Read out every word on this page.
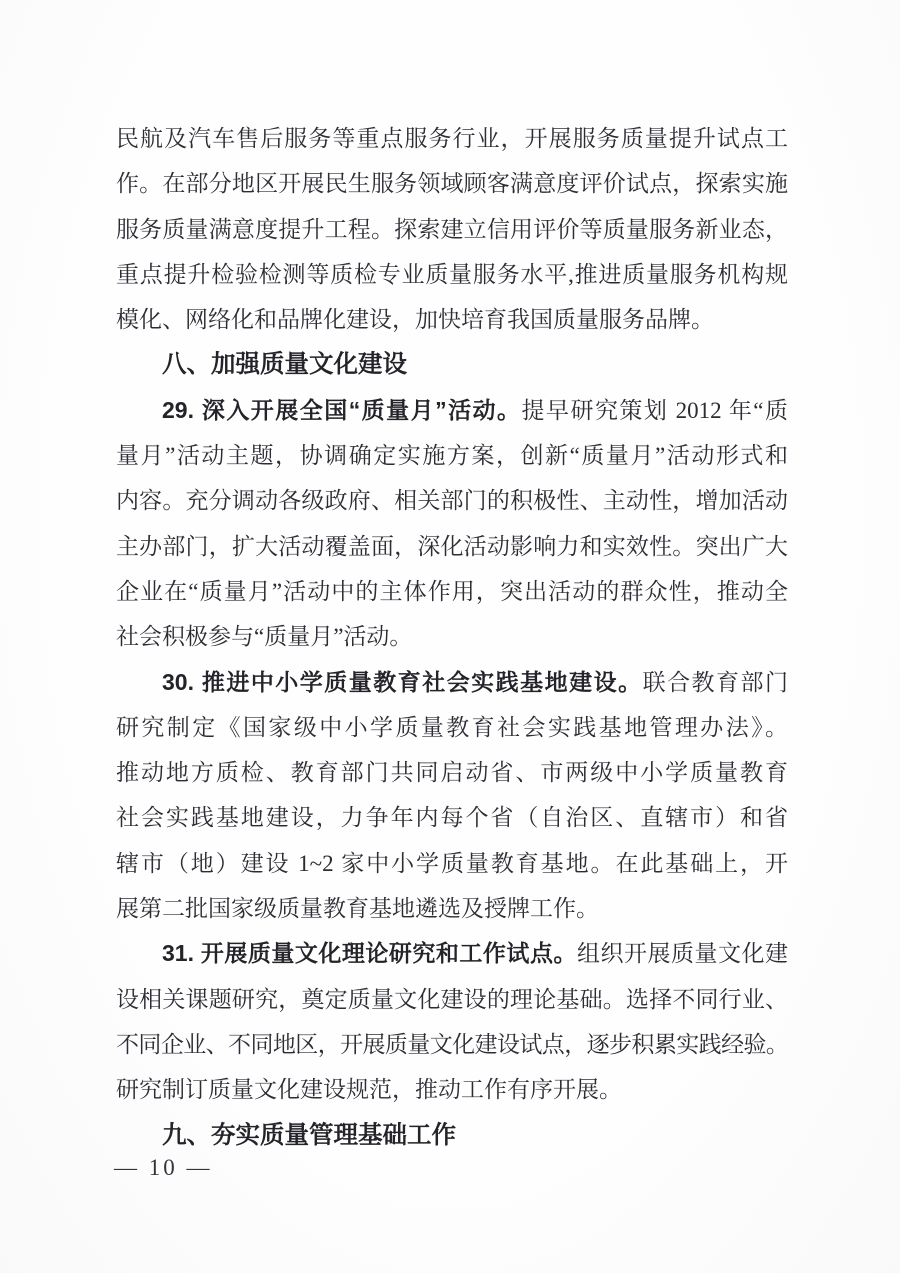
民航及汽车售后服务等重点服务行业，开展服务质量提升试点工
作。在部分地区开展民生服务领域顾客满意度评价试点，探索实施
服务质量满意度提升工程。探索建立信用评价等质量服务新业态，
重点提升检验检测等质检专业质量服务水平,推进质量服务机构规
模化、网络化和品牌化建设，加快培育我国质量服务品牌。
八、加强质量文化建设
29. 深入开展全国“质量月”活动。提早研究策划 2012 年“质
量月”活动主题，协调确定实施方案，创新“质量月”活动形式和
内容。充分调动各级政府、相关部门的积极性、主动性，增加活动
主办部门，扩大活动覆盖面，深化活动影响力和实效性。突出广大
企业在“质量月”活动中的主体作用，突出活动的群众性，推动全
社会积极参与“质量月”活动。
30. 推进中小学质量教育社会实践基地建设。联合教育部门
研究制定《国家级中小学质量教育社会实践基地管理办法》。
推动地方质检、教育部门共同启动省、市两级中小学质量教育
社会实践基地建设，力争年内每个省（自治区、直辖市）和省
辖市（地）建设 1~2 家中小学质量教育基地。在此基础上，开
展第二批国家级质量教育基地遴选及授牌工作。
31. 开展质量文化理论研究和工作试点。组织开展质量文化建
设相关课题研究，奠定质量文化建设的理论基础。选择不同行业、
不同企业、不同地区，开展质量文化建设试点，逐步积累实践经验。
研究制订质量文化建设规范，推动工作有序开展。
九、夯实质量管理基础工作
— 10 —
